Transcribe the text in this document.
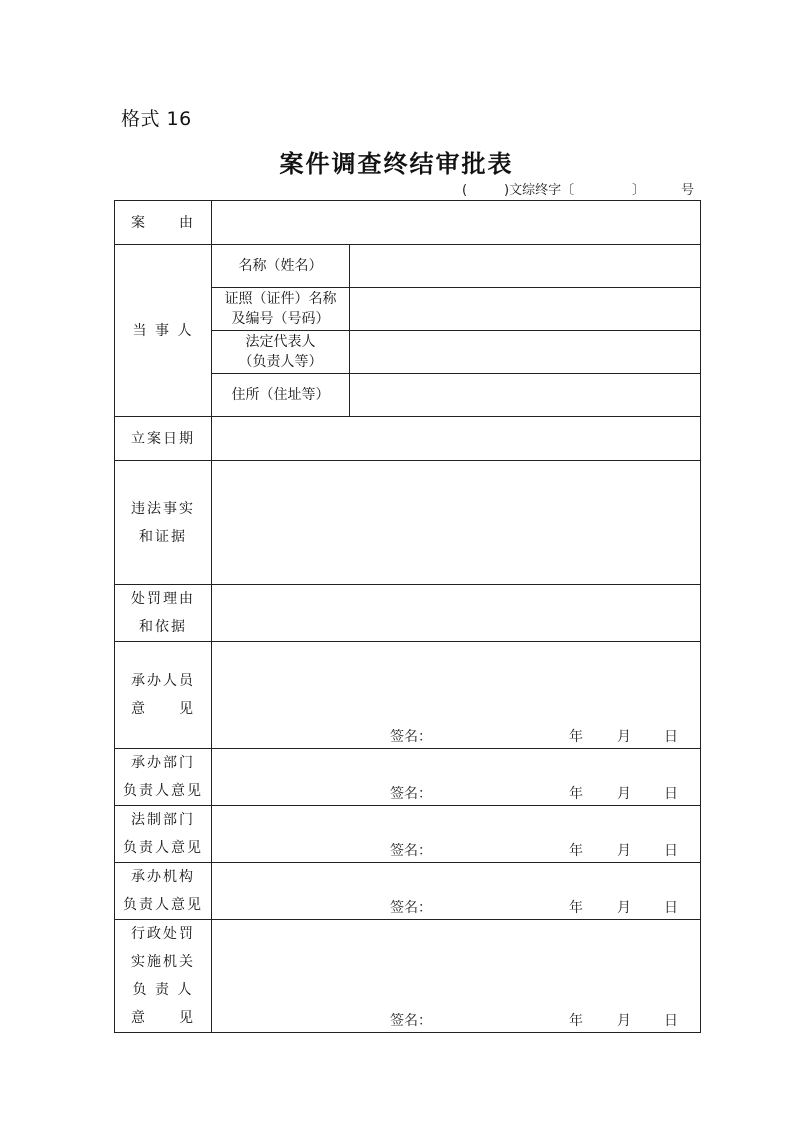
格式 16
案件调查终结审批表
(	)文综终字〔	〕	号
案　　由		
当 事 人	名称（姓名）	

	证照（证件）名称
及编号（号码）	

	法定代表人
（负责人等）	

	住所（住址等）	
立案日期		

违法事实
和证据		

处罚理由
和依据		

承办人员
意　　见	签名： 年 月 日	

承办部门
负责人意见	签名： 年 月 日	

法制部门
负责人意见	签名： 年 月 日	

承办机构
负责人意见	签名： 年 月 日	

行政处罚
实施机关
负 责 人
意　　见	签名： 年 月 日	
